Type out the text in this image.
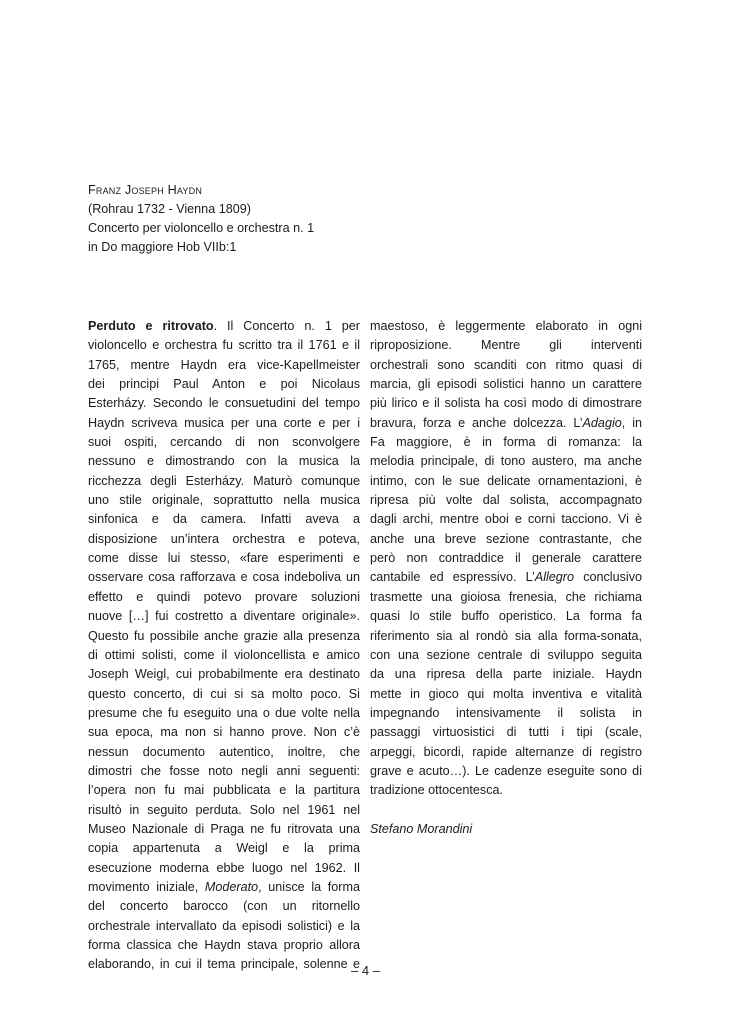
Franz Joseph Haydn
(Rohrau 1732 - Vienna 1809)
Concerto per violoncello e orchestra n. 1
in Do maggiore Hob VIIb:1
Perduto e ritrovato. Il Concerto n. 1 per
violoncello e orchestra fu scritto tra il 1761 e il
1765, mentre Haydn era vice-Kapellmeister
dei principi Paul Anton e poi Nicolaus
Esterházy. Secondo le consuetudini del tempo
Haydn scriveva musica per una corte e per i
suoi ospiti, cercando di non sconvolgere
nessuno e dimostrando con la musica la
ricchezza degli Esterházy. Maturò comunque
uno stile originale, soprattutto nella musica
sinfonica e da camera. Infatti aveva a
disposizione un’intera orchestra e poteva,
come disse lui stesso, «fare esperimenti e
osservare cosa rafforzava e cosa indeboliva un
effetto e quindi potevo provare soluzioni
nuove […] fui costretto a diventare originale».
Questo fu possibile anche grazie alla presenza
di ottimi solisti, come il violoncellista e amico
Joseph Weigl, cui probabilmente era destinato
questo concerto, di cui si sa molto poco. Si
presume che fu eseguito una o due volte nella
sua epoca, ma non si hanno prove. Non c’è
nessun documento autentico, inoltre, che
dimostri che fosse noto negli anni seguenti:
l’opera non fu mai pubblicata e la partitura
risultò in seguito perduta. Solo nel 1961 nel
Museo Nazionale di Praga ne fu ritrovata una
copia appartenuta a Weigl e la prima
esecuzione moderna ebbe luogo nel 1962. Il
movimento iniziale, Moderato, unisce la forma
del concerto barocco (con un ritornello
orchestrale intervallato da episodi solistici) e la
forma classica che Haydn stava proprio allora
elaborando, in cui il tema principale, solenne e
maestoso, è leggermente elaborato in ogni
riproposizione. Mentre gli interventi
orchestrali sono scanditi con ritmo quasi di
marcia, gli episodi solistici hanno un carattere
più lirico e il solista ha così modo di dimostrare
bravura, forza e anche dolcezza. L’Adagio, in
Fa maggiore, è in forma di romanza: la
melodia principale, di tono austero, ma anche
intimo, con le sue delicate ornamentazioni, è
ripresa più volte dal solista, accompagnato
dagli archi, mentre oboi e corni tacciono. Vi è
anche una breve sezione contrastante, che
però non contraddice il generale carattere
cantabile ed espressivo. L’Allegro conclusivo
trasmette una gioiosa frenesia, che richiama
quasi lo stile buffo operistico. La forma fa
riferimento sia al rondò sia alla forma-sonata,
con una sezione centrale di sviluppo seguita
da una ripresa della parte iniziale. Haydn
mette in gioco qui molta inventiva e vitalità
impegnando intensivamente il solista in
passaggi virtuosistici di tutti i tipi (scale,
arpeggi, bicordi, rapide alternanze di registro
grave e acuto…). Le cadenze eseguite sono di
tradizione ottocentesca.
Stefano Morandini
– 4 –
